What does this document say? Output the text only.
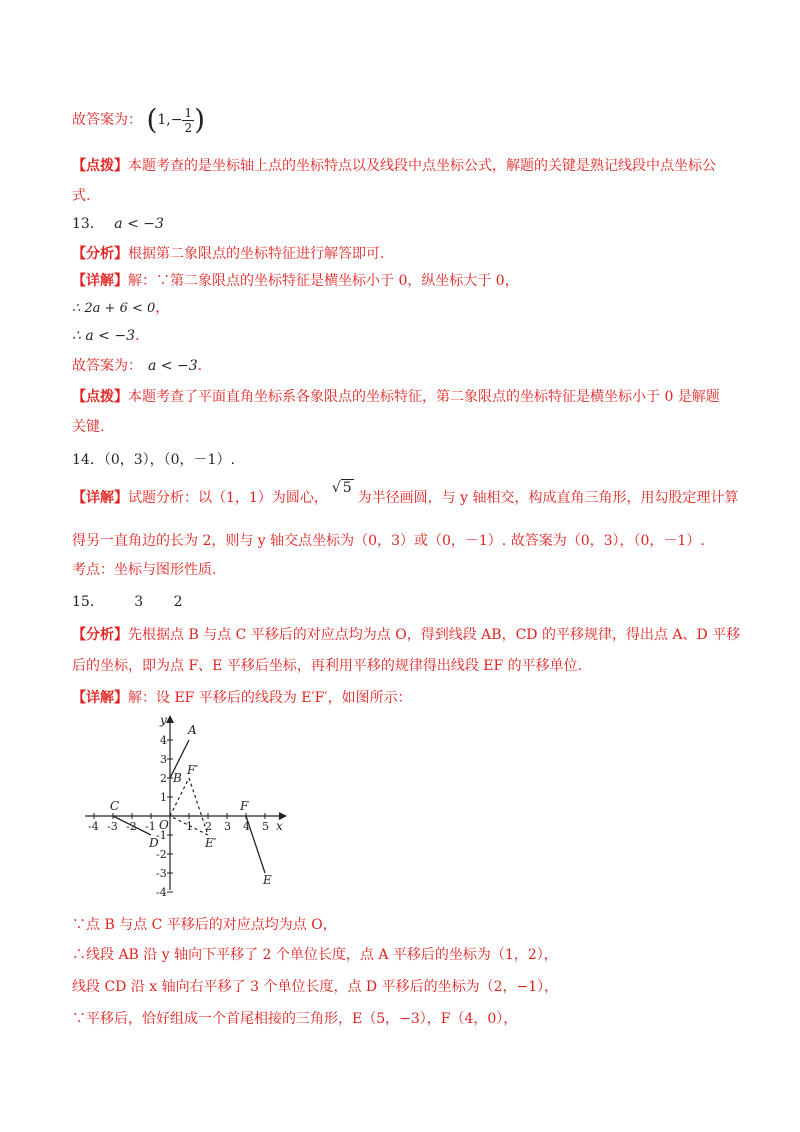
故答案为： ($1,- \frac{1}{2}$ )
【点拨】本题考查的是坐标轴上点的坐标特点以及线段中点坐标公式，解题的关键是熟记线段中点坐标公
式.
13． a < −3
【分析】根据第二象限点的坐标特征进行解答即可.
【详解】解：∵第二象限点的坐标特征是横坐标小于 0，纵坐标大于 0，
∴ 2a + 6 < 0，
∴ a < −3.
故答案为： a < −3.
【点拨】本题考查了平面直角坐标系各象限点的坐标特征，第二象限点的坐标特征是横坐标小于 0 是解题
关键.
14．（0，3），（0，－1）.
【详解】试题分析：以（1，1）为圆心，√ 5为半径画圆，与 y 轴相交，构成直角三角形，用勾股定理计算
得另一直角边的长为 2，则与 y 轴交点坐标为（0，3）或（0，－1）. 故答案为（0，3），（0，－1）.
考点：坐标与图形性质.
15． 3 2
【分析】先根据点 B 与点 C 平移后的对应点均为点 O，得到线段 AB，CD 的平移规律，得出点 A、D 平移
后的坐标，即为点 F、E 平移后坐标，再利用平移的规律得出线段 EF 的平移单位.
【详解】解：设 EF 平移后的线段为 E′F′，如图所示：
-4 -3 -2 -1	1 2 3 4 5
4
3
2
1
-1
-2
-3
-4
x
y
O
A
B
C
D
E
F
F′
E′
∵点 B 与点 C 平移后的对应点均为点 O，
∴线段 AB 沿 y 轴向下平移了 2 个单位长度，点 A 平移后的坐标为（1，2），
线段 CD 沿 x 轴向右平移了 3 个单位长度，点 D 平移后的坐标为（2，−1），
∵平移后，恰好组成一个首尾相接的三角形，E（5，−3），F（4，0），
